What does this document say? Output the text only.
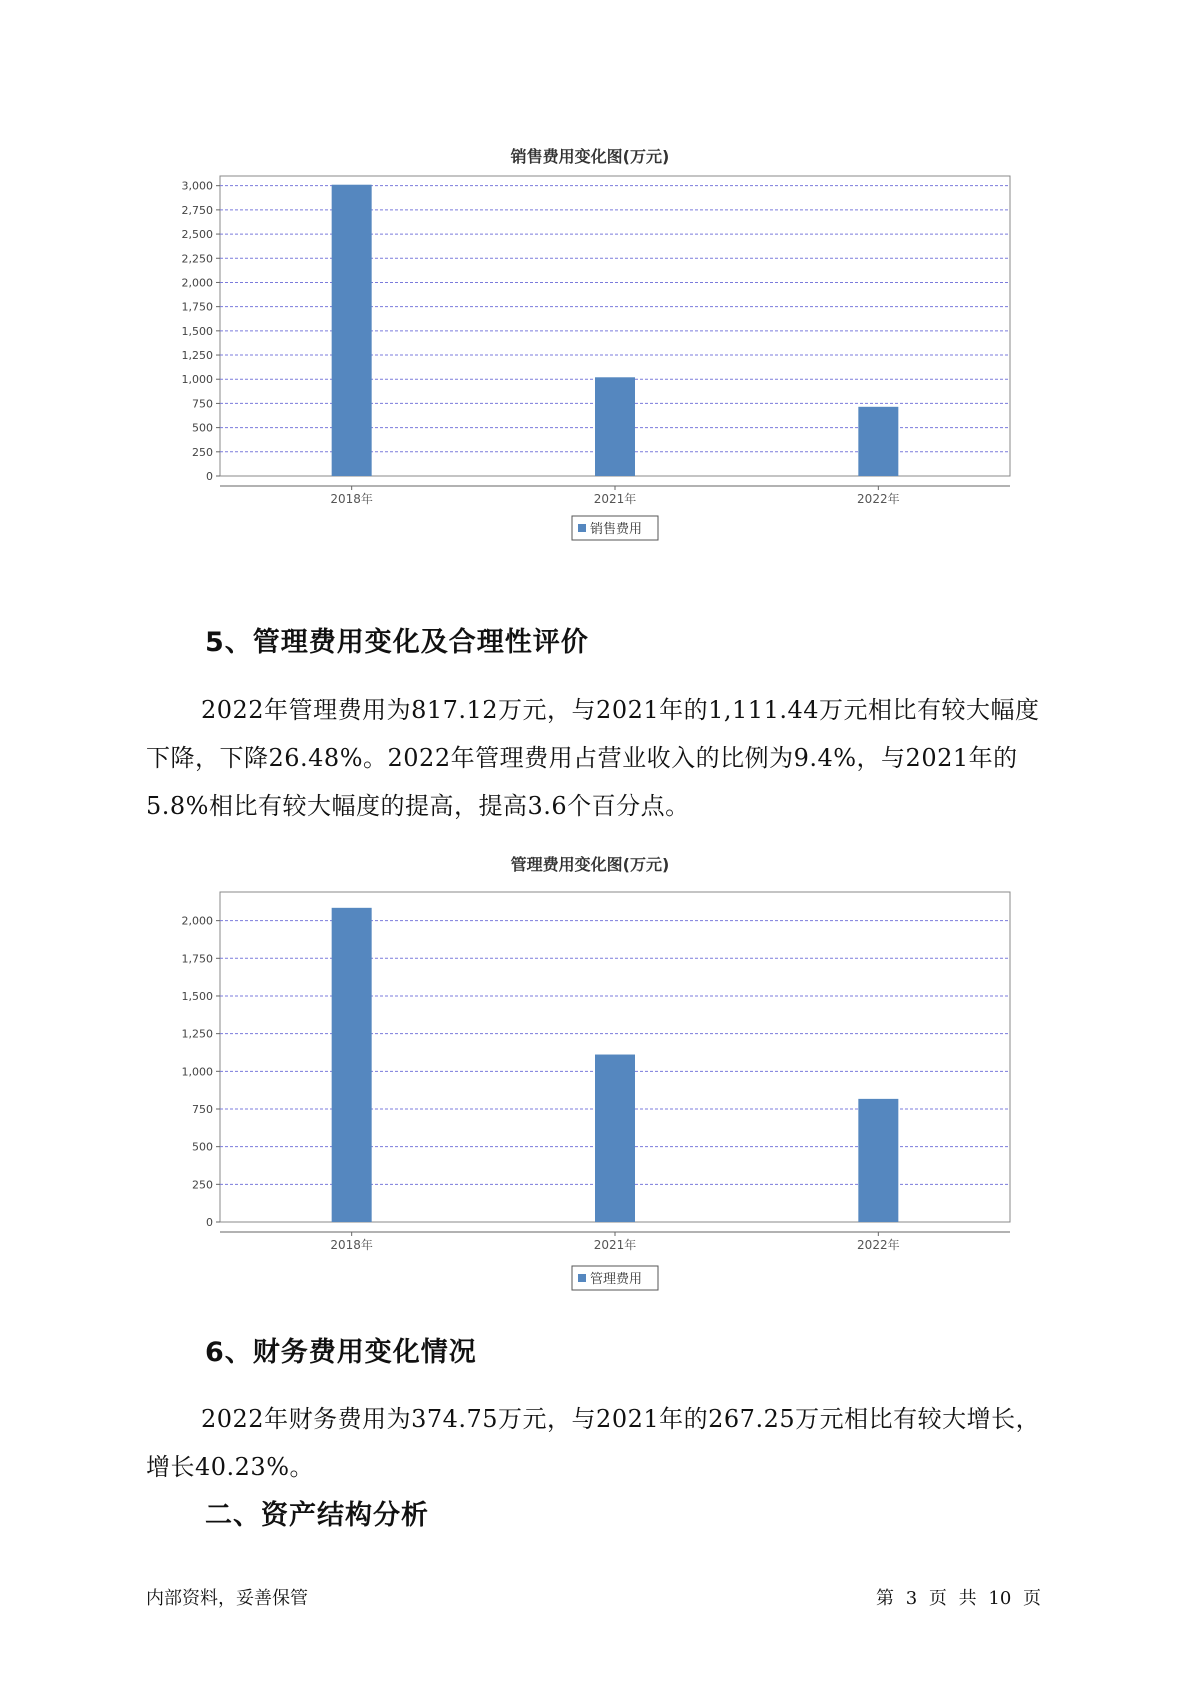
销售费用变化图(万元)
0
250
500
750
1,000
1,250
1,500
1,750
2,000
2,250
2,500
2,750
3,000
2018年	2021年	2022年
销售费用
5、管理费用变化及合理性评价

2022年管理费用为817.12万元，与2021年的1,111.44万元相比有较大幅度下降，下降26.48%。2022年管理费用占营业收入的比例为9.4%，与2021年的5.8%相比有较大幅度的提高，提高3.6个百分点。

管理费用变化图(万元)
0
250
500
750
1,000
1,250
1,500
1,750
2,000
2018年	2021年	2022年
管理费用
6、财务费用变化情况

2022年财务费用为374.75万元，与2021年的267.25万元相比有较大增长，增长40.23%。

二、资产结构分析
内部资料，妥善保管	第 3 页 共 10 页
